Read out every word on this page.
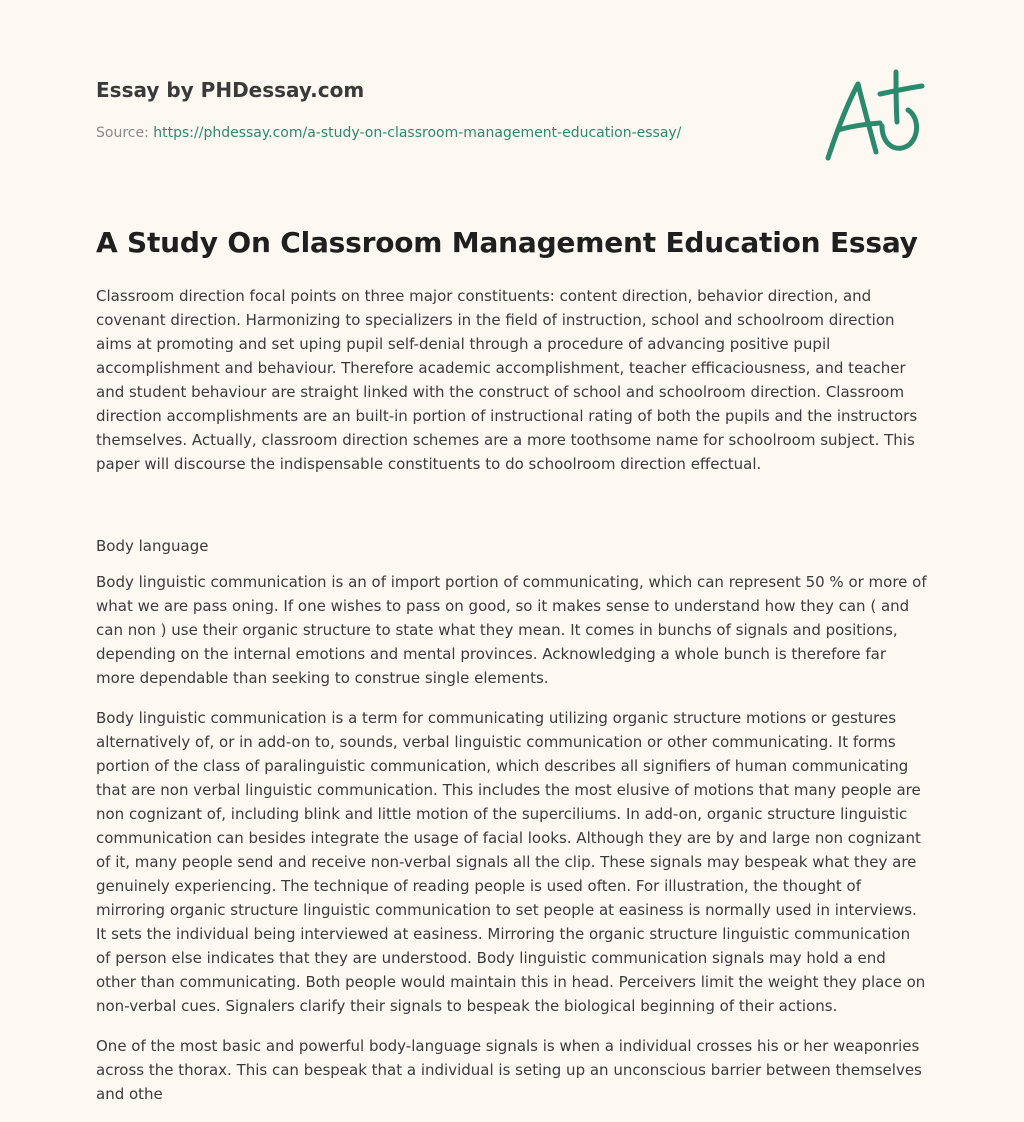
Essay by PHDessay.com
Source: https://phdessay.com/a-study-on-classroom-management-education-essay/
A Study On Classroom Management Education Essay

Classroom direction focal points on three major constituents: content direction, behavior direction, and covenant direction. Harmonizing to specializers in the field of instruction, school and schoolroom direction aims at promoting and set uping pupil self-denial through a procedure of advancing positive pupil accomplishment and behaviour. Therefore academic accomplishment, teacher efficaciousness, and teacher and student behaviour are straight linked with the construct of school and schoolroom direction. Classroom direction accomplishments are an built-in portion of instructional rating of both the pupils and the instructors themselves. Actually, classroom direction schemes are a more toothsome name for schoolroom subject. This paper will discourse the indispensable constituents to do schoolroom direction effectual.

Body language

Body linguistic communication is an of import portion of communicating, which can represent 50 % or more of what we are pass oning. If one wishes to pass on good, so it makes sense to understand how they can ( and can non ) use their organic structure to state what they mean. It comes in bunchs of signals and positions, depending on the internal emotions and mental provinces. Acknowledging a whole bunch is therefore far more dependable than seeking to construe single elements.

Body linguistic communication is a term for communicating utilizing organic structure motions or gestures alternatively of, or in add-on to, sounds, verbal linguistic communication or other communicating. It forms portion of the class of paralinguistic communication, which describes all signifiers of human communicating that are non verbal linguistic communication. This includes the most elusive of motions that many people are non cognizant of, including blink and little motion of the superciliums. In add-on, organic structure linguistic communication can besides integrate the usage of facial looks. Although they are by and large non cognizant of it, many people send and receive non-verbal signals all the clip. These signals may bespeak what they are genuinely experiencing. The technique of reading people is used often. For illustration, the thought of mirroring organic structure linguistic communication to set people at easiness is normally used in interviews. It sets the individual being interviewed at easiness. Mirroring the organic structure linguistic communication of person else indicates that they are understood. Body linguistic communication signals may hold a end other than communicating. Both people would maintain this in head. Perceivers limit the weight they place on non-verbal cues. Signalers clarify their signals to bespeak the biological beginning of their actions.

One of the most basic and powerful body-language signals is when a individual crosses his or her weaponries across the thorax. This can bespeak that a individual is seting up an unconscious barrier between themselves and othe
